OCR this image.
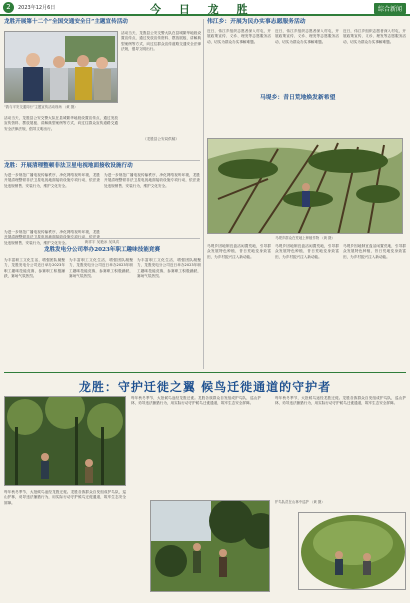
2	2023年12月6日	今 日 龙 胜	综合新闻
龙胜开展第十二个“全国交通安全日”主题宣传活动
“我与平安交通同行”主题宣传活动现场 （黄 摄）
活动当天，龙胜县公安交警大队在县城繁华地段设置宣传点，通过发放宣传资料、摆放展板、讲解典型案例等方式，向过往群众宣传道路交通安全法律法规，倡导文明出行。
活动当天，龙胜县公安交警大队在县城繁华地段设置宣传点，通过发放宣传资料、摆放展板、讲解典型案例等方式，向过往群众宣传道路交通安全法律法规，倡导文明出行。
（龙胜县公安局供稿）
龙胜：开展清理整顿非法卫星电视地面接收设施行动
为进一步规范广播电视传输秩序，净化网络视听环境，龙胜开展清理整顿非法卫星电视地面接收设施专项行动，依法查处违规销售、安装行为，维护文化安全。
为进一步规范广播电视传输秩序，净化网络视听环境，龙胜开展清理整顿非法卫星电视地面接收设施专项行动，依法查处违规销售、安装行为，维护文化安全。
为进一步规范广播电视传输秩序，净化网络视听环境，龙胜开展清理整顿非法卫星电视地面接收设施专项行动，依法查处违规销售、安装行为，维护文化安全。	黄祥宇 吴艳冰 吴凤宾
龙胜发电分公司举办2023年职工趣味技能竞赛
为丰富职工文化生活，增强团队凝聚力，龙胜发电分公司近日举办2023年职工趣味技能竞赛，参赛职工积极踊跃，赛场气氛热烈。
为丰富职工文化生活，增强团队凝聚力，龙胜发电分公司近日举办2023年职工趣味技能竞赛，参赛职工积极踊跃，赛场气氛热烈。
为丰富职工文化生活，增强团队凝聚力，龙胜发电分公司近日举办2023年职工趣味技能竞赛，参赛职工积极踊跃，赛场气氛热烈。
伟江乡：开展为民办实事志愿服务活动
近日，伟江乡组织志愿者深入村屯，开展政策宣传、义诊、理发等志愿服务活动，切实为群众办实事解难题。
近日，伟江乡组织志愿者深入村屯，开展政策宣传、义诊、理发等志愿服务活动，切实为群众办实事解难题。
近日，伟江乡组织志愿者深入村屯，开展政策宣传、义诊、理发等志愿服务活动，切实为群众办实事解难题。
马堤乡：昔日荒地焕发新希望
马堤乡群众在荒地上种植作物 （黄 摄）
马堤乡因地制宜盘活闲置荒地，引导群众发展特色种植，昔日荒地变身致富田，为乡村振兴注入新动能。
马堤乡因地制宜盘活闲置荒地，引导群众发展特色种植，昔日荒地变身致富田，为乡村振兴注入新动能。
马堤乡因地制宜盘活闲置荒地，引导群众发展特色种植，昔日荒地变身致富田，为乡村振兴注入新动能。
龙胜：守护迁徙之翼 候鸟迁徙通道的守护者
每年秋冬季节，大批候鸟途经龙胜迁徙。龙胜各族群众自发组成护鸟队，巡山护林，劝导违法捕猎行为，用实际行动守护候鸟迁徙通道，筑牢生态安全屏障。
每年秋冬季节，大批候鸟途经龙胜迁徙。龙胜各族群众自发组成护鸟队，巡山护林，劝导违法捕猎行为，用实际行动守护候鸟迁徙通道，筑牢生态安全屏障。
每年秋冬季节，大批候鸟途经龙胜迁徙。龙胜各族群众自发组成护鸟队，巡山护林，劝导违法捕猎行为，用实际行动守护候鸟迁徙通道，筑牢生态安全屏障。
护鸟队员在山林中巡护 （黄 摄）
